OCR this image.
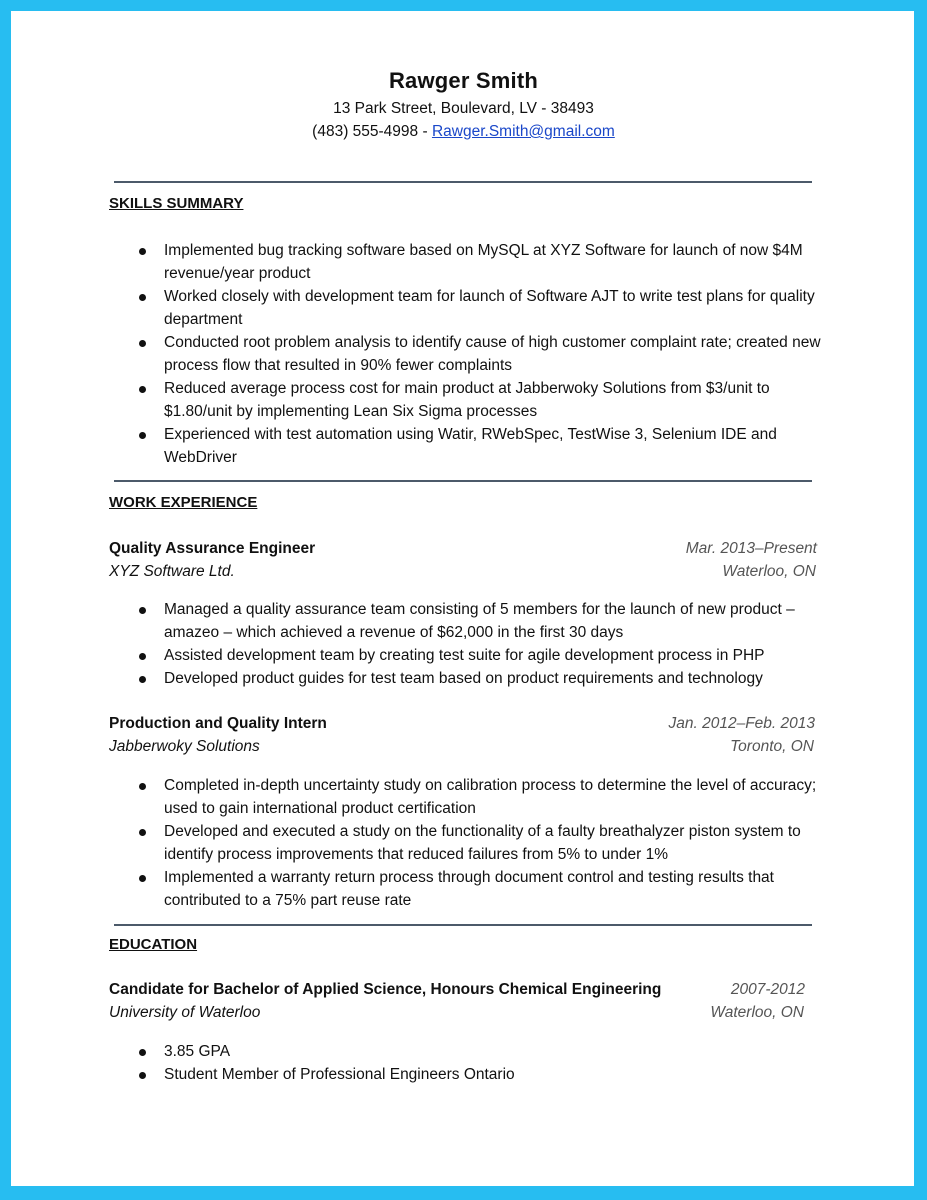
Rawger Smith
13 Park Street, Boulevard, LV - 38493
(483) 555-4998 - Rawger.Smith@gmail.com
SKILLS SUMMARY
Implemented bug tracking software based on MySQL at XYZ Software for launch of now $4M revenue/year product
Worked closely with development team for launch of Software AJT to write test plans for quality department
Conducted root problem analysis to identify cause of high customer complaint rate; created new process flow that resulted in 90% fewer complaints
Reduced average process cost for main product at Jabberwoky Solutions from $3/unit to $1.80/unit by implementing Lean Six Sigma processes
Experienced with test automation using Watir, RWebSpec, TestWise 3, Selenium IDE and WebDriver
WORK EXPERIENCE
Quality Assurance Engineer	Mar. 2013–Present
XYZ Software Ltd.	Waterloo, ON
Managed a quality assurance team consisting of 5 members for the launch of new product – amazeo – which achieved a revenue of $62,000 in the first 30 days
Assisted development team by creating test suite for agile development process in PHP
Developed product guides for test team based on product requirements and technology
Production and Quality Intern	Jan. 2012–Feb. 2013
Jabberwoky Solutions	Toronto, ON
Completed in-depth uncertainty study on calibration process to determine the level of accuracy; used to gain international product certification
Developed and executed a study on the functionality of a faulty breathalyzer piston system to identify process improvements that reduced failures from 5% to under 1%
Implemented a warranty return process through document control and testing results that contributed to a 75% part reuse rate
EDUCATION
Candidate for Bachelor of Applied Science, Honours Chemical Engineering	2007-2012
University of Waterloo	Waterloo, ON
3.85 GPA
Student Member of Professional Engineers Ontario
